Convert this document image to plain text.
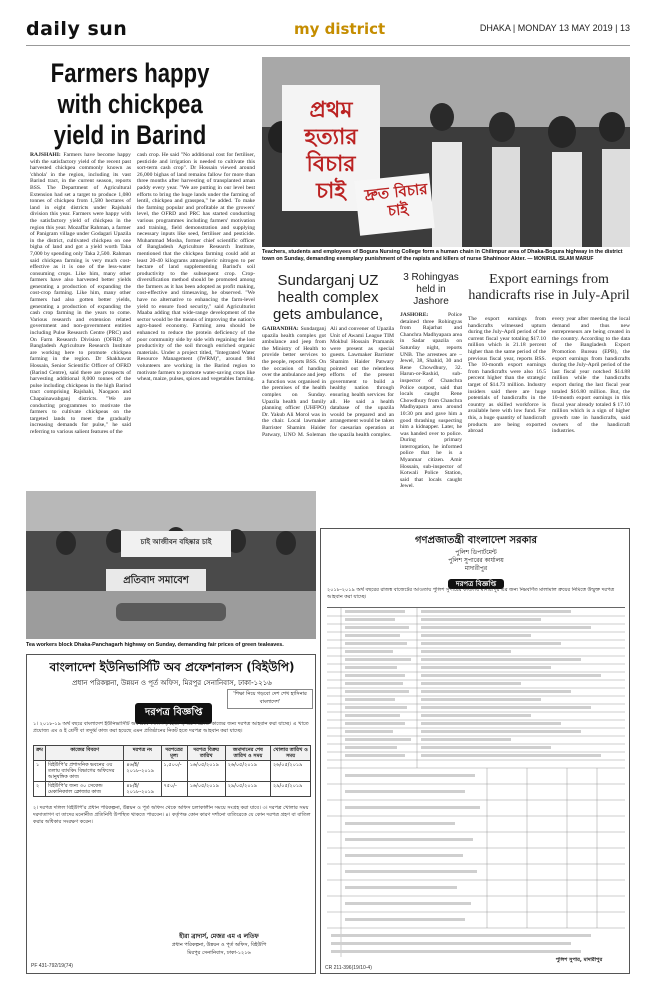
daily sun	my district	DHAKA | MONDAY 13 MAY 2019 | 13
Farmers happy with chickpea yield in Barind
RAJSHAHI: Farmers have become happy with the satisfactory yield of the recent past harvested chickpea commonly known as 'chhola' in the region, including its vast Barind tract, in the current season, reports BSS. The Department of Agricultural Extension had set a target to produce 1,080 tonnes of chickpea from 1,580 hectares of land in eight districts under Rajshahi division this year. Farmers were happy with the satisfactory yield of chickpea in the region this year. Mozaffar Rahman, a farmer of Panigram village under Godagari Upazila in the district, cultivated chickpea on one bigha of land and got a yield worth Taka 7,000 by spending only Taka 2,500. Rahman said chickpea farming is very much cost-effective as it is one of the less-water consuming crops. Like him, many other farmers have also harvested better yields generating a production of expanding the cost-crop farming. Like him, many other farmers had also gotten better yields, generating a production of expanding the cash crop farming in the years to come. Various research and extension related government and non-government entities including Pulse Research Centre (PRC) and On Farm Research Division (OFRD) of Bangladesh Agriculture Research Institute are working here to promote chickpea farming in the region. Dr Shakhawat Hossain, Senior Scientific Officer of OFRD (Barind Centre), said there are prospects of harvesting additional 8,000 tonnes of the pulse including chickpeas in the high Barind tract comprising Rajshahi, Naogaon and Chapainawabganj districts. "We are conducting programmes to motivate the farmers to cultivate chickpeas on the targeted lands to meet the gradually increasing demands for pulse," he said referring to various salient features of the
cash crop. He said "No additional cost for fertiliser, pesticide and irrigation is needed to cultivate this sort-term cash crop". Dr Hossain viewed around 26,000 bighas of land remains fallow for more than three months after harvesting of transplanted aman paddy every year. "We are putting in our level best efforts to bring the huge lands under the farming of lentil, chickpea and grasspea," he added. To make the farming popular and profitable at the growers' level, the OFRD and PRC has started conducting various programmes including farmers' motivation and training, field demonstration and supplying necessary inputs like seed, fertiliser and pesticide. Muhammad Mosha, former chief scientific officer of Bangladesh Agriculture Research Institute, mentioned that the chickpea farming could add at least 20-40 kilograms atmospheric nitrogen to per hectare of land supplementing Barind's soil productivity to the subsequent crop. Crop-diversification method should be promoted among the farmers as it has been adopted as profit making, cost-effective and timesaving, he observed. "We have no alternative to enhancing the farm-level yield to ensure food security," said Agriculturist Maaba adding that wide-range development of the sector would be the means of improving the nation's agro-based economy. Farming area should be enhanced to reduce the protein deficiency of the poor community side by side with regaining the lost productivity of the soil through enriched organic materials. Under a project titled, "Integrated Water Resource Management (IWRM)", around 984 volunteers are working in the Barind region to motivate farmers to promote water-saving crops like wheat, maize, pulses, spices and vegetables farming.
প্রথম হত্যার বিচার চাই	দ্রুত বিচার চাই
Teachers, students and employees of Bogura Nursing College form a human chain in Chilimpur area of Dhaka-Bogura highway in the district town on Sunday, demanding exemplary punishment of the rapists and killers of nurse Shahinoor Akter. — MONIRUL ISLAM MARUF
Sundarganj UZ health complex gets ambulance,
GAIBANDHA: Sundarganj upazila health complex got ambulance and jeep from the Ministry of Health to provide better services to the people, reports BSS. On the occasion of handing over the ambulance and jeep a function was organised in the premises of the health complex on Sunday. Upazila health and family planning officer (UHFPO) Dr. Yakub Ali Morol was in the chair. Local lawmaker Barrister Shamim Haider Patwary, UNO M. Soleman Ali and convener of Upazila Unit of Awami League TIM Mokbul Hossain Pramanik were present as special guests. Lawmaker Barrister Shamim Haider Patwary pointed out the relentless efforts of the present government to build a healthy nation through ensuring health services for all. He said a health database of the upazila would be prepared and an arrangement would be taken for caesarian operation at the upazila health complex.
3 Rohingyas held in Jashore
JASHORE:	Police detained three Rohingyas from Rajarhat and Chanchra Madhyapara area in Sadar upazila on Saturday night, reports UNB. The arrestees are – Jewel, 38, Shahid, 30 and Rene Chowdhury, 32. Harun-or-Rashid, sub-inspector of Chanchra Police outpost, said that locals caught Rene Chowdhury from Chanchra Madhyapara area around 10:30 pm and gave him a good thrashing suspecting him a kidnapper. Later, he was handed over to police. During primary interrogation, he informed police that he is a Myanmar citizen. Amir Hossain, sub-inspector of Kotwali Police Station, said that locals caught Jewel.
Export earnings from handicrafts rise in July-April
The export earnings from handicrafts witnessed upturn during the July-April period of the current fiscal year totaling $17.10 million which is 21.18 percent higher than the same period of the previous fiscal year, reports BSS. The 10-month export earnings from handicrafts were also 16.5 percent higher than the strategic target of $14.73 million. Industry insiders said there are huge potentials of handicrafts in the country as skilled workforce is available here with low fund. For this, a huge quantity of handicraft products are being exported abroad
every year after meeting the local demand and thus new entrepreneurs are being created in the country. According to the data of the Bangladesh Export Promotion Bureau (EPB), the export earnings from handicrafts during the July-April period of the last fiscal year notched $14.88 million while the handicrafts export during the last fiscal year totaled $16.80 million. But, the 10-month export earnings in this fiscal year already totaled $ 17.10 million which is a sign of higher growth rate in handicrafts, said owners of the handicraft industries.
চাই আজীবন বহিষ্কার চাই
প্রতিবাদ সমাবেশ
Tea workers block Dhaka-Panchagarh highway on Sunday, demanding fair prices of green tealeaves.
বাংলাদেশ ইউনিভার্সিটি অব প্রফেশনালস (বিইউপি)
প্রধান পরিকল্পনা, উন্নয়ন ও পূর্ত অফিস, মিরপুর সেনানিবাস, ঢাকা-১২১৬
'শিক্ষা নিয়ে গড়বো দেশ শেখ হাসিনার বাংলাদেশ'
দরপত্র বিজ্ঞপ্তি
১। ২০১৮-১৯ অর্থ বছরে বাংলাদেশ ইউনিভার্সিটি অব প্রফেশনালস (বিইউপি) এর নিম্নোক্ত কাজের জন্য দরপত্র আহবান করা যাচ্ছে। এ খাতে প্রযোজ্য এম ও ই শ্রেণী বা তদুর্ধ্ব কাজ করা হয়েছে এমন প্রতিষ্ঠানের নিকট হতে দরপত্র আহবান করা যাচ্ছে।
ক্রম	কাজের বিবরণ	দরপত্র নং	দরপত্রের মূল্য	দরপত্র বিক্রয় তারিখ	জমাদানের শেষ তারিখ ও সময়	খোলার তারিখ ও সময়
১	বিইউপি'র প্রশাসনিক ভবনের ৩য় তলায় ব্যাংকিং বিভাগের অফিসের আনুষঙ্গিক কাজ	৪৬/ই/২০১৮-২০১৯	১,৫০০/-	১৬/০৫/২০১৯	২৬/০৫/২০১৯	২৬/০৫/২০১৯
২	বিইউপি'র জন্য ৩০ সেকেন্ড মেকানিক্যাল ক্লোজার কাজ	৪৮/ই/২০১৮-২০১৯	৭৫০/-	১৬/০৫/২০১৯	২৯/০৫/২০১৯	২৯/০৫/২০১৯
২। দরপত্র দলিল বিইউপি'র প্রধান পরিকল্পনা, উন্নয়ন ও পূর্ত অফিস থেকে অফিস চলাকালীন সময়ে সংগ্রহ করা যাবে। ৩। দরপত্র খোলার সময় দরদাতাগণ বা তাদের মনোনীত প্রতিনিধি উপস্থিত থাকতে পারবেন। ৪। কর্তৃপক্ষ কোন কারণ দর্শানো ব্যতিরেকে যে কোন দরপত্র গ্রহণ বা বাতিল করার অধিকার সংরক্ষণ করেন।
হীরা ব্রাদার্স, মেজর এম এ লতিফ
প্রধান পরিকল্পনা, উন্নয়ন ও পূর্ত অফিস, বিইউপি
মিরপুর সেনানিবাস, ঢাকা-১২১৬
PF 431-792/19(74)
গণপ্রজাতন্ত্রী বাংলাদেশ সরকার
পুলিশ ডিপার্টমেন্ট
পুলিশ সুপারের কার্যালয়
মাদারীপুর
দরপত্র বিজ্ঞপ্তি
২০১৮-২০১৯ অর্থ বছরের রাজস্ব বাজেটের আওতায় পুলিশ সুপারের কার্যালয় মাদারীপুর এর জন্য নিম্নবর্ণিত মালামাল ক্রয়ের নিমিত্তে উন্মুক্ত দরপত্র আহবান করা যাচ্ছে।
পুলিশ সুপার, মাদারীপুর
CR 211-396(19/10-4)
